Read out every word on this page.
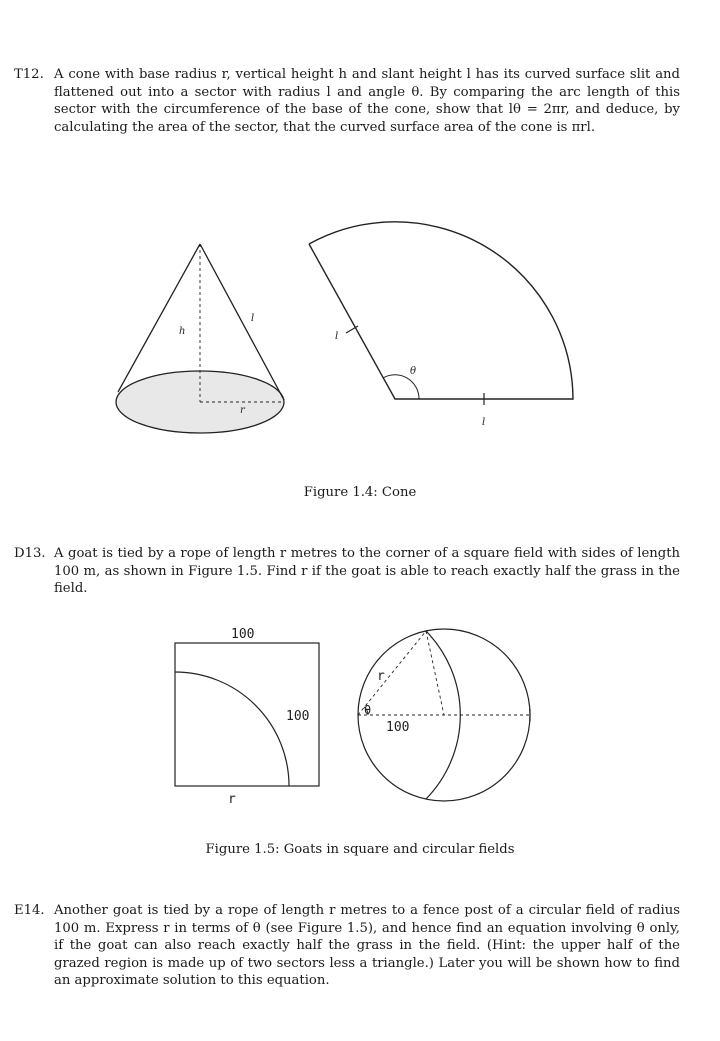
T12. A cone with base radius r, vertical height h and slant height l has its curved surface slit and flattened out into a sector with radius l and angle θ. By comparing the arc length of this sector with the circumference of the base of the cone, show that lθ = 2πr, and deduce, by calculating the area of the sector, that the curved surface area of the cone is πrl.
h
l
r
l
θ
l
Figure 1.4: Cone
D13. A goat is tied by a rope of length r metres to the corner of a square field with sides of length 100 m, as shown in Figure 1.5. Find r if the goat is able to reach exactly half the grass in the field.
100
100
r
r
θ
100
Figure 1.5: Goats in square and circular fields
E14. Another goat is tied by a rope of length r metres to a fence post of a circular field of radius 100 m. Express r in terms of θ (see Figure 1.5), and hence find an equation involving θ only, if the goat can also reach exactly half the grass in the field. (Hint: the upper half of the grazed region is made up of two sectors less a triangle.) Later you will be shown how to find an approximate solution to this equation.
